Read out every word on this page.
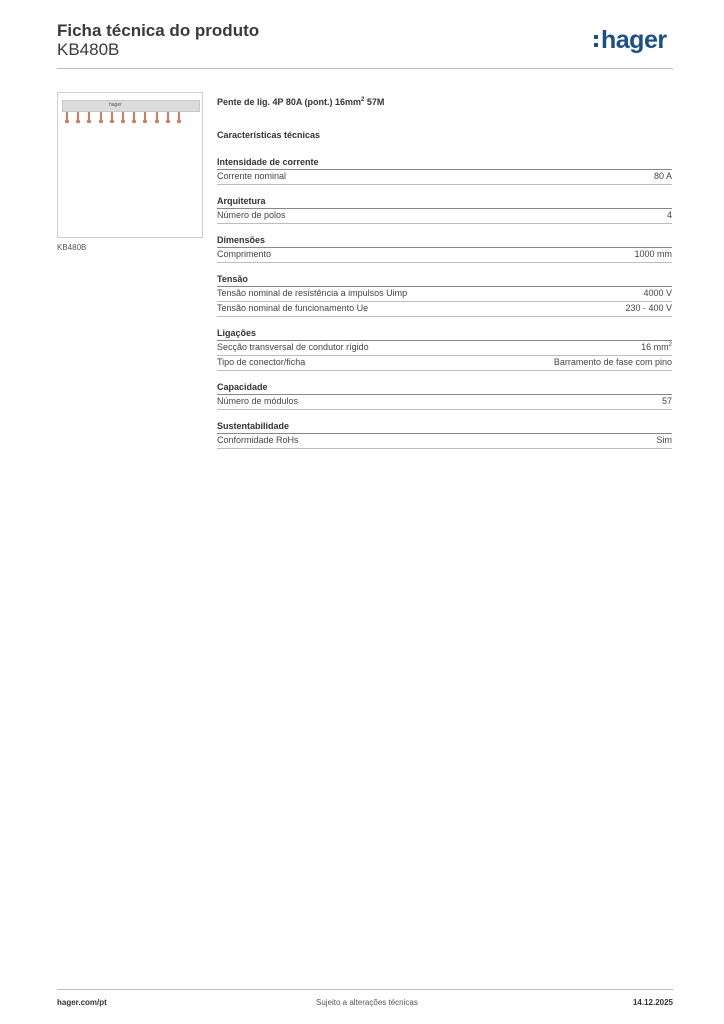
Ficha técnica do produto
KB480B	hager
hager
KB480B
Pente de lig. 4P 80A (pont.) $16mm^2$ 57M
Características técnicas
Intensidade de corrente
Corrente nominal	80 A
Arquitetura
Número de polos	4
Dimensões
Comprimento	1000 mm
Tensão
Tensão nominal de resistência a impulsos Uimp	4000 V
Tensão nominal de funcionamento Ue	230 - 400 V
Ligações
Secção transversal de condutor rígido	16 $mm^2$
Tipo de conector/ficha	Barramento de fase com pino
Capacidade
Número de módulos	57
Sustentabilidade
Conformidade RoHs	Sim
hager.com/pt	Sujeito a alterações técnicas	14.12.2025
